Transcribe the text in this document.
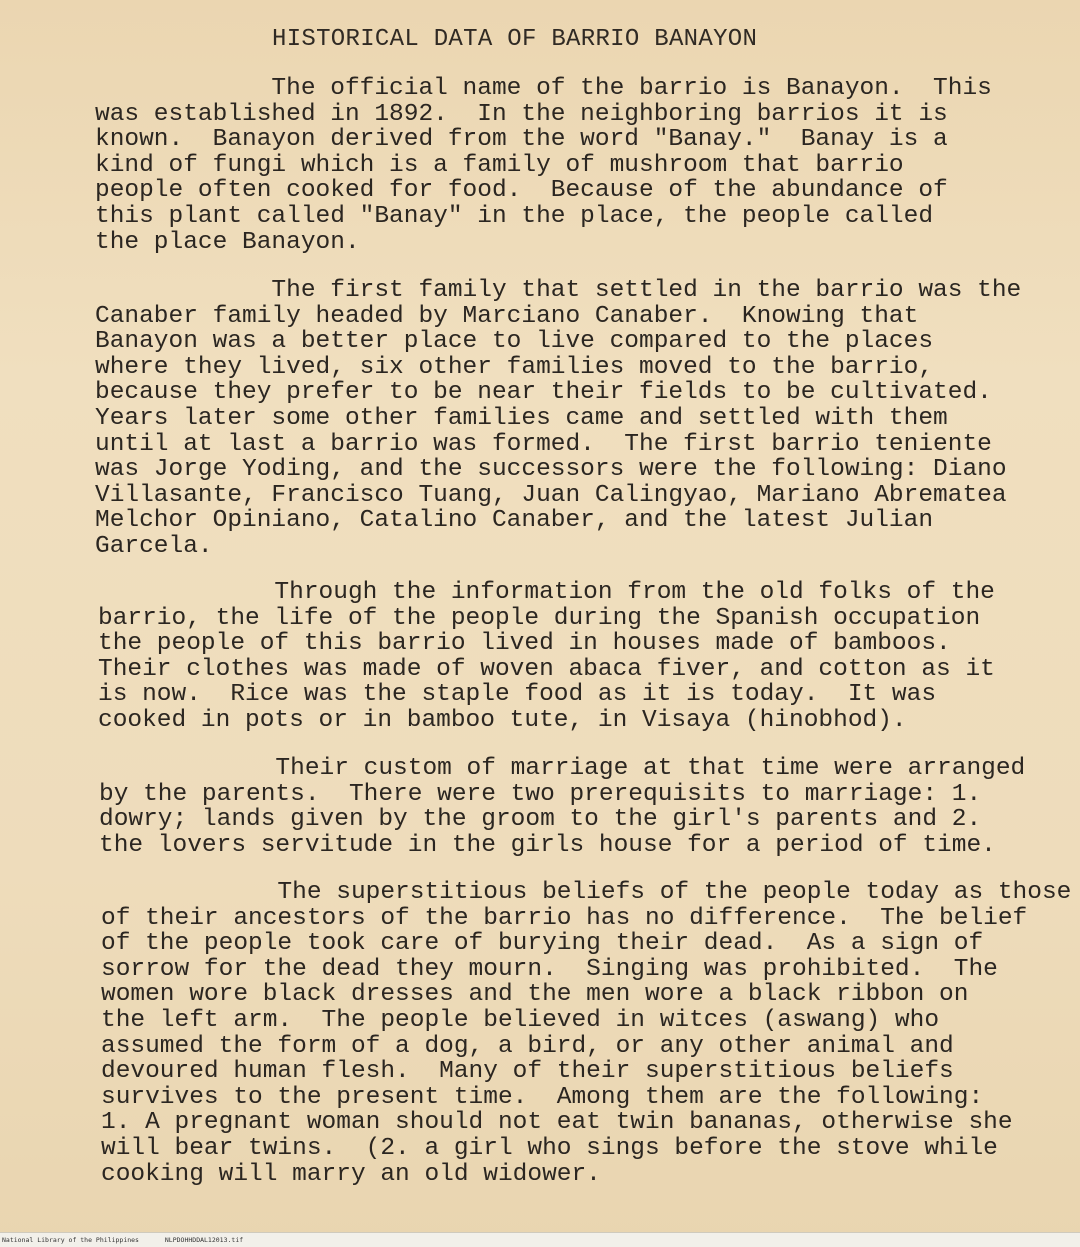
HISTORICAL DATA OF BARRIO BANAYON

The official name of the barrio is Banayon.  This
was established in 1892.  In the neighboring barrios it is
known.  Banayon derived from the word "Banay."  Banay is a
kind of fungi which is a family of mushroom that barrio
people often cooked for food.  Because of the abundance of
this plant called "Banay" in the place, the people called
the place Banayon.

The first family that settled in the barrio was the
Canaber family headed by Marciano Canaber.  Knowing that
Banayon was a better place to live compared to the places
where they lived, six other families moved to the barrio,
because they prefer to be near their fields to be cultivated.
Years later some other families came and settled with them
until at last a barrio was formed.  The first barrio teniente
was Jorge Yoding, and the successors were the following: Diano
Villasante, Francisco Tuang, Juan Calingyao, Mariano Abrematea
Melchor Opiniano, Catalino Canaber, and the latest Julian
Garcela.

Through the information from the old folks of the
barrio, the life of the people during the Spanish occupation
the people of this barrio lived in houses made of bamboos.
Their clothes was made of woven abaca fiver, and cotton as it
is now.  Rice was the staple food as it is today.  It was
cooked in pots or in bamboo tute, in Visaya (hinobhod).

Their custom of marriage at that time were arranged
by the parents.  There were two prerequisits to marriage: 1.
dowry; lands given by the groom to the girl's parents and 2.
the lovers servitude in the girls house for a period of time.

The superstitious beliefs of the people today as those
of their ancestors of the barrio has no difference.  The belief
of the people took care of burying their dead.  As a sign of
sorrow for the dead they mourn.  Singing was prohibited.  The
women wore black dresses and the men wore a black ribbon on
the left arm.  The people believed in witces (aswang) who
assumed the form of a dog, a bird, or any other animal and
devoured human flesh.  Many of their superstitious beliefs
survives to the present time.  Among them are the following:
1. A pregnant woman should not eat twin bananas, otherwise she
will bear twins.  (2. a girl who sings before the stove while
cooking will marry an old widower.

National Library of the Philippines	NLPDOHHDDAL12013.tif
